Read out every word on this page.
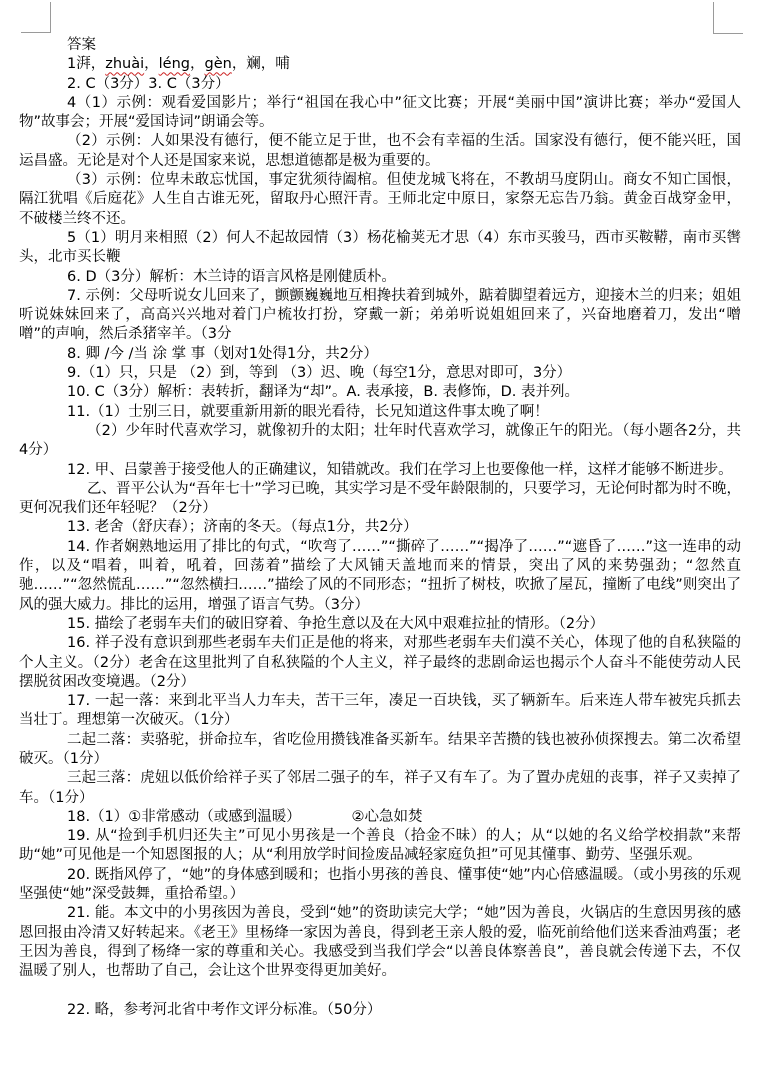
答案
1湃，zhuài，léng，gèn，斓，哺
2. C（3分）3. C（3分）
4（1）示例：观看爱国影片；举行“祖国在我心中”征文比赛；开展“美丽中国”演讲比赛；举办“爱国人物”故事会；开展“爱国诗词”朗诵会等。
（2）示例：人如果没有德行，便不能立足于世，也不会有幸福的生活。国家没有德行，便不能兴旺，国运昌盛。无论是对个人还是国家来说，思想道德都是极为重要的。
（3）示例：位卑未敢忘忧国，事定犹须待阖棺。但使龙城飞将在，不教胡马度阴山。商女不知亡国恨，隔江犹唱《后庭花》人生自古谁无死，留取丹心照汗青。王师北定中原日，家祭无忘告乃翁。黄金百战穿金甲，不破楼兰终不还。
5（1）明月来相照（2）何人不起故园情（3）杨花榆荚无才思（4）东市买骏马，西市买鞍鞯，南市买辔头，北市买长鞭
6. D（3分）解析：木兰诗的语言风格是刚健质朴。
7. 示例：父母听说女儿回来了，颤颤巍巍地互相搀扶着到城外，踮着脚望着远方，迎接木兰的归来；姐姐听说妹妹回来了，高高兴兴地对着门户梳妆打扮，穿戴一新；弟弟听说姐姐回来了，兴奋地磨着刀，发出“噌噌”的声响，然后杀猪宰羊。（3分
8. 卿 /今 /当 涂 掌 事（划对1处得1分，共2分）
9.（1）只，只是 （2）到，等到 （3）迟、晚（每空1分，意思对即可，3分）
10. C（3分）解析：表转折，翻译为“却”。A. 表承接，B. 表修饰，D. 表并列。
11.（1）士别三日，就要重新用新的眼光看待，长兄知道这件事太晚了啊！
（2）少年时代喜欢学习，就像初升的太阳；壮年时代喜欢学习，就像正午的阳光。（每小题各2分，共4分）
12. 甲、吕蒙善于接受他人的正确建议，知错就改。我们在学习上也要像他一样，这样才能够不断进步。
乙、晋平公认为“吾年七十”学习已晚，其实学习是不受年龄限制的，只要学习，无论何时都为时不晚，更何况我们还年轻呢？（2分）
13. 老舍（舒庆春）；济南的冬天。（每点1分，共2分）
14. 作者娴熟地运用了排比的句式，“吹弯了……”“撕碎了……”“揭净了……”“遮昏了……”这一连串的动作，以及“唱着，叫着，吼着，回荡着”描绘了大风铺天盖地而来的情景，突出了风的来势强劲；“忽然直驰……”“忽然慌乱……”“忽然横扫……”描绘了风的不同形态；“扭折了树枝，吹掀了屋瓦，撞断了电线”则突出了风的强大威力。排比的运用，增强了语言气势。（3分）
15. 描绘了老弱车夫们的破旧穿着、争抢生意以及在大风中艰难拉扯的情形。（2分）
16. 祥子没有意识到那些老弱车夫们正是他的将来，对那些老弱车夫们漠不关心，体现了他的自私狭隘的个人主义。（2分）老舍在这里批判了自私狭隘的个人主义，祥子最终的悲剧命运也揭示个人奋斗不能使劳动人民摆脱贫困改变境遇。（2分）
17. 一起一落：来到北平当人力车夫，苦干三年，凑足一百块钱，买了辆新车。后来连人带车被宪兵抓去当壮丁。理想第一次破灭。（1分）
二起二落：卖骆驼，拼命拉车，省吃俭用攒钱准备买新车。结果辛苦攒的钱也被孙侦探搜去。第二次希望破灭。（1分）
三起三落：虎妞以低价给祥子买了邻居二强子的车，祥子又有车了。为了置办虎妞的丧事，祥子又卖掉了车。（1分）
18.（1）①非常感动（或感到温暖）　　　　②心急如焚
19. 从“捡到手机归还失主”可见小男孩是一个善良（拾金不昧）的人；从“以她的名义给学校捐款”来帮助“她”可见他是一个知恩图报的人；从“利用放学时间捡废品减轻家庭负担”可见其懂事、勤劳、坚强乐观。
20. 既指风停了，“她”的身体感到暖和；也指小男孩的善良、懂事使“她”内心倍感温暖。（或小男孩的乐观坚强使“她”深受鼓舞，重拾希望。）
21. 能。本文中的小男孩因为善良，受到“她”的资助读完大学；“她”因为善良，火锅店的生意因男孩的感恩回报由冷清又好转起来。《老王》里杨绛一家因为善良，得到老王亲人般的爱，临死前给他们送来香油鸡蛋；老王因为善良，得到了杨绛一家的尊重和关心。我感受到当我们学会“以善良体察善良”，善良就会传递下去，不仅温暖了别人，也帮助了自己，会让这个世界变得更加美好。

22. 略，参考河北省中考作文评分标准。（50分）
